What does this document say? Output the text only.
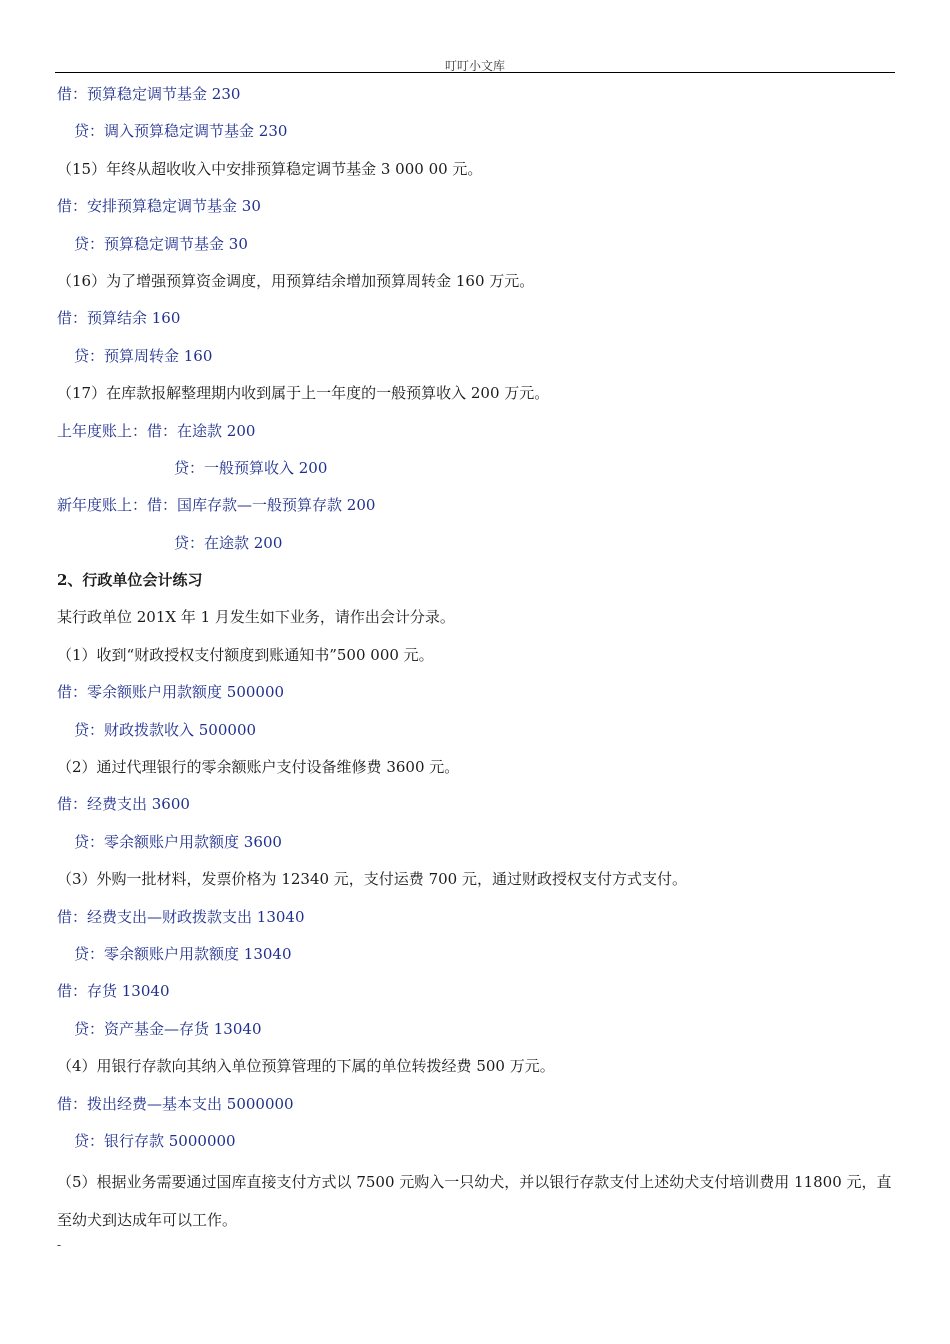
叮叮小文库
借：预算稳定调节基金 230
贷：调入预算稳定调节基金 230
（15）年终从超收收入中安排预算稳定调节基金 3 000 00 元。
借：安排预算稳定调节基金 30
贷：预算稳定调节基金 30
（16）为了增强预算资金调度，用预算结余增加预算周转金 160 万元。
借：预算结余 160
贷：预算周转金 160
（17）在库款报解整理期内收到属于上一年度的一般预算收入 200 万元。
上年度账上：借：在途款 200
贷：一般预算收入 200
新年度账上：借：国库存款—一般预算存款 200
贷：在途款 200
2、行政单位会计练习
某行政单位 201X 年 1 月发生如下业务，请作出会计分录。
（1）收到“财政授权支付额度到账通知书”500 000 元。
借：零余额账户用款额度 500000
贷：财政拨款收入 500000
（2）通过代理银行的零余额账户支付设备维修费 3600 元。
借：经费支出 3600
贷：零余额账户用款额度 3600
（3）外购一批材料，发票价格为 12340 元，支付运费 700 元，通过财政授权支付方式支付。
借：经费支出—财政拨款支出 13040
贷：零余额账户用款额度 13040
借：存货 13040
贷：资产基金—存货 13040
（4）用银行存款向其纳入单位预算管理的下属的单位转拨经费 500 万元。
借：拨出经费—基本支出 5000000
贷：银行存款 5000000
（5）根据业务需要通过国库直接支付方式以 7500 元购入一只幼犬，并以银行存款支付上述幼犬支付培训费用 11800 元，直至幼犬到达成年可以工作。
-
